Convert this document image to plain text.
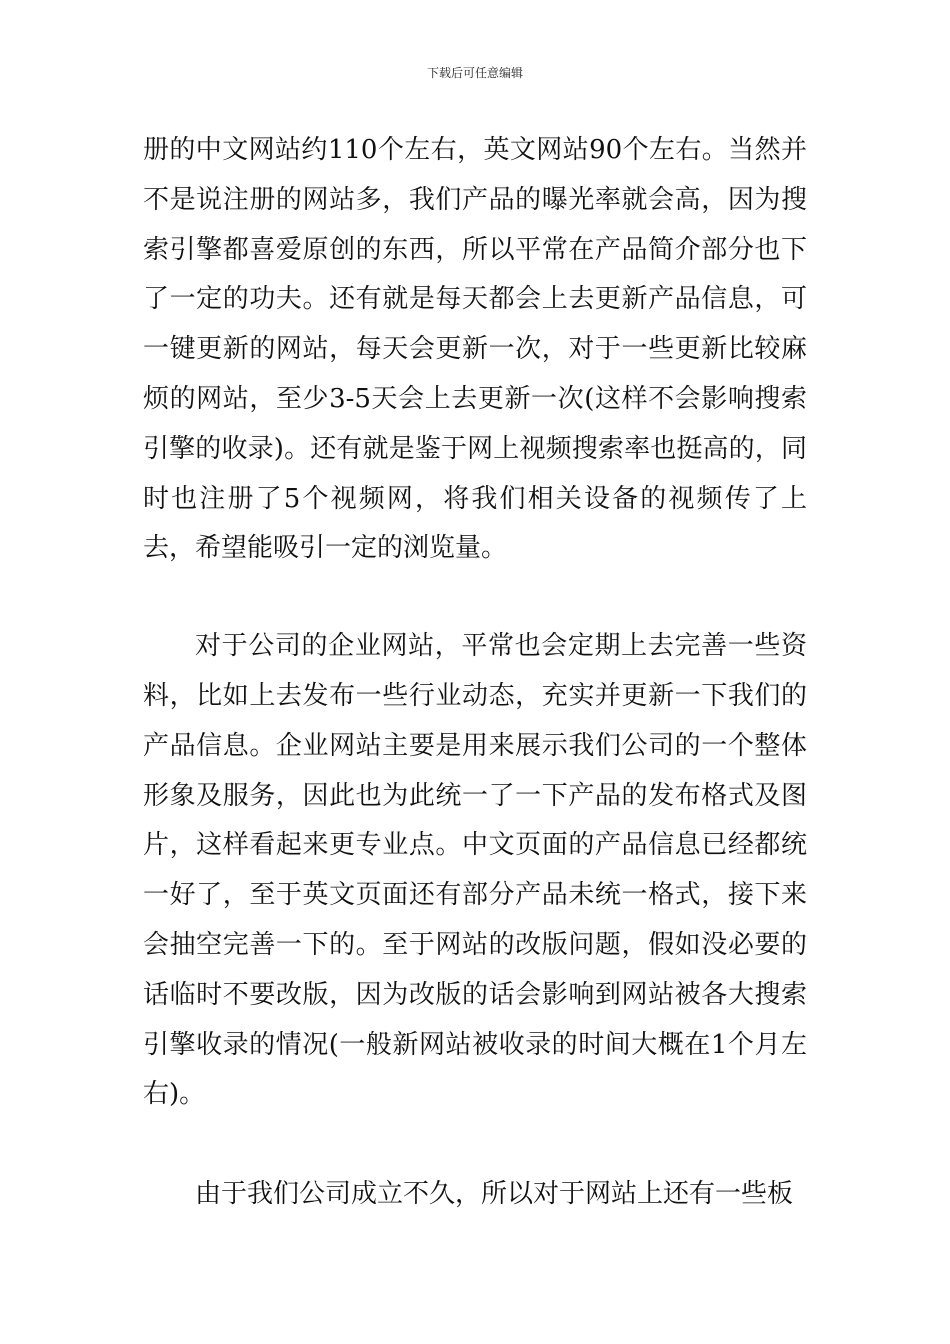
下载后可任意编辑

册的中文网站约110个左右，英文网站90个左右。当然并不是说注册的网站多，我们产品的曝光率就会高，因为搜索引擎都喜爱原创的东西，所以平常在产品简介部分也下了一定的功夫。还有就是每天都会上去更新产品信息，可一键更新的网站，每天会更新一次，对于一些更新比较麻烦的网站，至少3-5天会上去更新一次(这样不会影响搜索引擎的收录)。还有就是鉴于网上视频搜索率也挺高的，同时也注册了5个视频网，将我们相关设备的视频传了上去，希望能吸引一定的浏览量。

对于公司的企业网站，平常也会定期上去完善一些资料，比如上去发布一些行业动态，充实并更新一下我们的产品信息。企业网站主要是用来展示我们公司的一个整体形象及服务，因此也为此统一了一下产品的发布格式及图片，这样看起来更专业点。中文页面的产品信息已经都统一好了，至于英文页面还有部分产品未统一格式，接下来会抽空完善一下的。至于网站的改版问题，假如没必要的话临时不要改版，因为改版的话会影响到网站被各大搜索引擎收录的情况(一般新网站被收录的时间大概在1个月左右)。

由于我们公司成立不久，所以对于网站上还有一些板
